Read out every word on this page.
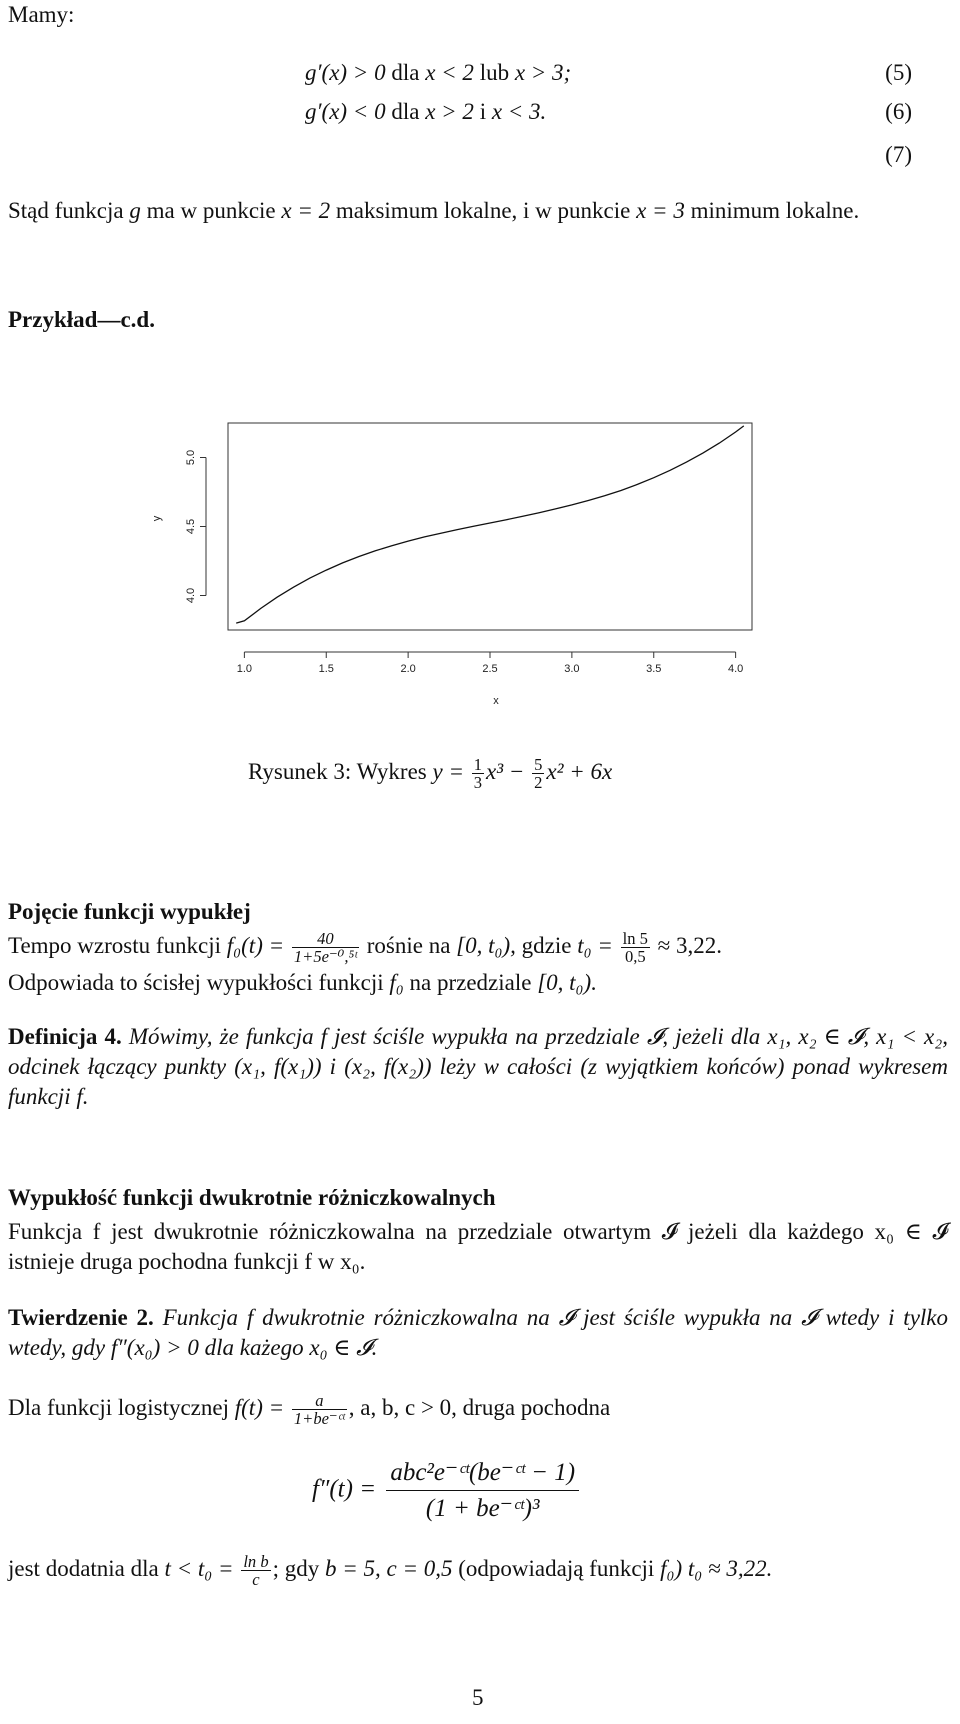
Mamy:
g′(x) > 0 dla x < 2 lub x > 3;	(5)
g′(x) < 0 dla x > 2 i x < 3.	(6)
(7)

Stąd funkcja g ma w punkcie x = 2 maksimum lokalne, i w punkcie x = 3 minimum lokalne.

Przykład—c.d.
1.0	1.5	2.0	2.5	3.0	3.5	4.0
x
4.0
4.5
5.0
y
Rysunek 3: Wykres $y = \frac{1}{3} x^3 - \frac{5}{2} x^2 + 6x$
Pojęcie funkcji wypukłej
Tempo wzrostu funkcji $f_0(t) = \frac{40}{\text{1+5e⁻⁰,⁵ᵗ}}$ rośnie na [0, t₀), gdzie $t_0 = \frac{\ln 5}{0,5} \approx 3,22$.
Odpowiada to ścisłej wypukłości funkcji f₀ na przedziale [0, t₀).

Definicja 4. Mówimy, że funkcja f jest ściśle wypukła na przedziale 𝓘, jeżeli dla x₁, x₂ ∈ 𝓘, x₁ < x₂, odcinek łączący punkty (x₁, f(x₁)) i (x₂, f(x₂)) leży w całości (z wyjątkiem końców) ponad wykresem funkcji f.

Wypukłość funkcji dwukrotnie różniczkowalnych

Funkcja f jest dwukrotnie różniczkowalna na przedziale otwartym 𝓘 jeżeli dla każdego x₀ ∈ 𝓘 istnieje druga pochodna funkcji f w x₀.

Twierdzenie 2. Funkcja f dwukrotnie różniczkowalna na 𝓘 jest ściśle wypukła na 𝓘 wtedy i tylko wtedy, gdy f″(x₀) > 0 dla każego x₀ ∈ 𝓘.

Dla funkcji logistycznej $f(t) = \frac{a}{\text{1+be⁻ᶜᵗ}}$ , a, b, c > 0, druga pochodna
f″(t) =
abc²e⁻ᶜᵗ(be⁻ᶜᵗ − 1)
(1 + be⁻ᶜᵗ)³
jest dodatnia dla $t < t_0 = \frac{\text{ln b}}{c}$ ; gdy b = 5, c = 0,5 (odpowiadają funkcji f₀) t₀ ≈ 3,22.
5
